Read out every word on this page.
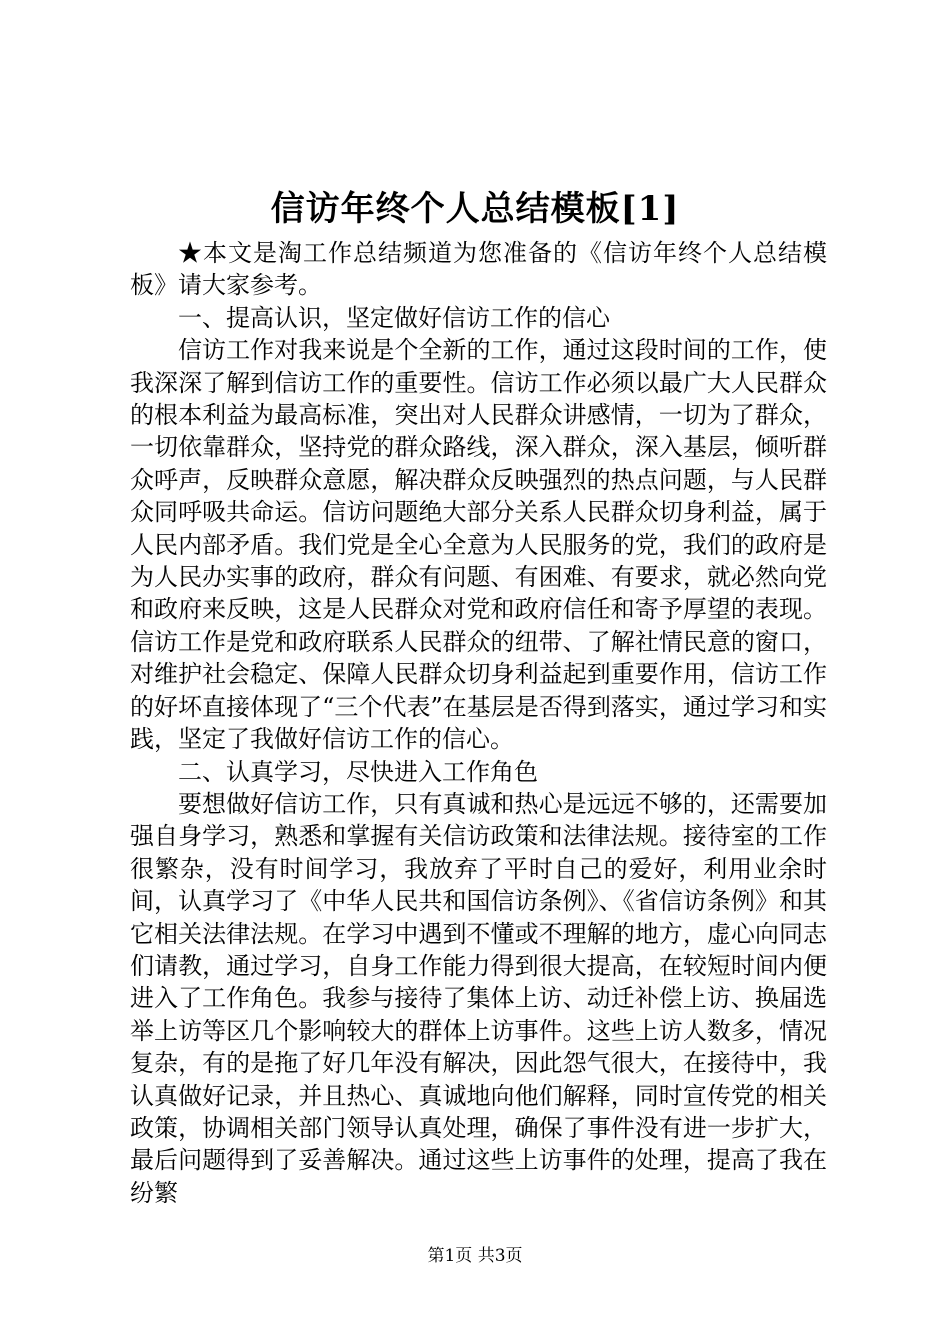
信访年终个人总结模板[1]

★本文是淘工作总结频道为您准备的《信访年终个人总结模板》请大家参考。

一、提高认识，坚定做好信访工作的信心

信访工作对我来说是个全新的工作，通过这段时间的工作，使我深深了解到信访工作的重要性。信访工作必须以最广大人民群众的根本利益为最高标准，突出对人民群众讲感情，一切为了群众，一切依靠群众，坚持党的群众路线，深入群众，深入基层，倾听群众呼声，反映群众意愿，解决群众反映强烈的热点问题，与人民群众同呼吸共命运。信访问题绝大部分关系人民群众切身利益，属于人民内部矛盾。我们党是全心全意为人民服务的党，我们的政府是为人民办实事的政府，群众有问题、有困难、有要求，就必然向党和政府来反映，这是人民群众对党和政府信任和寄予厚望的表现。信访工作是党和政府联系人民群众的纽带、了解社情民意的窗口，对维护社会稳定、保障人民群众切身利益起到重要作用，信访工作的好坏直接体现了“三个代表”在基层是否得到落实，通过学习和实践，坚定了我做好信访工作的信心。

二、认真学习，尽快进入工作角色

要想做好信访工作，只有真诚和热心是远远不够的，还需要加强自身学习，熟悉和掌握有关信访政策和法律法规。接待室的工作很繁杂，没有时间学习，我放弃了平时自己的爱好，利用业余时间，认真学习了《中华人民共和国信访条例》、《省信访条例》和其它相关法律法规。在学习中遇到不懂或不理解的地方，虚心向同志们请教，通过学习，自身工作能力得到很大提高，在较短时间内便进入了工作角色。我参与接待了集体上访、动迁补偿上访、换届选举上访等区几个影响较大的群体上访事件。这些上访人数多，情况复杂，有的是拖了好几年没有解决，因此怨气很大，在接待中，我认真做好记录，并且热心、真诚地向他们解释，同时宣传党的相关政策，协调相关部门领导认真处理，确保了事件没有进一步扩大，最后问题得到了妥善解决。通过这些上访事件的处理，提高了我在纷繁

第1页 共3页
